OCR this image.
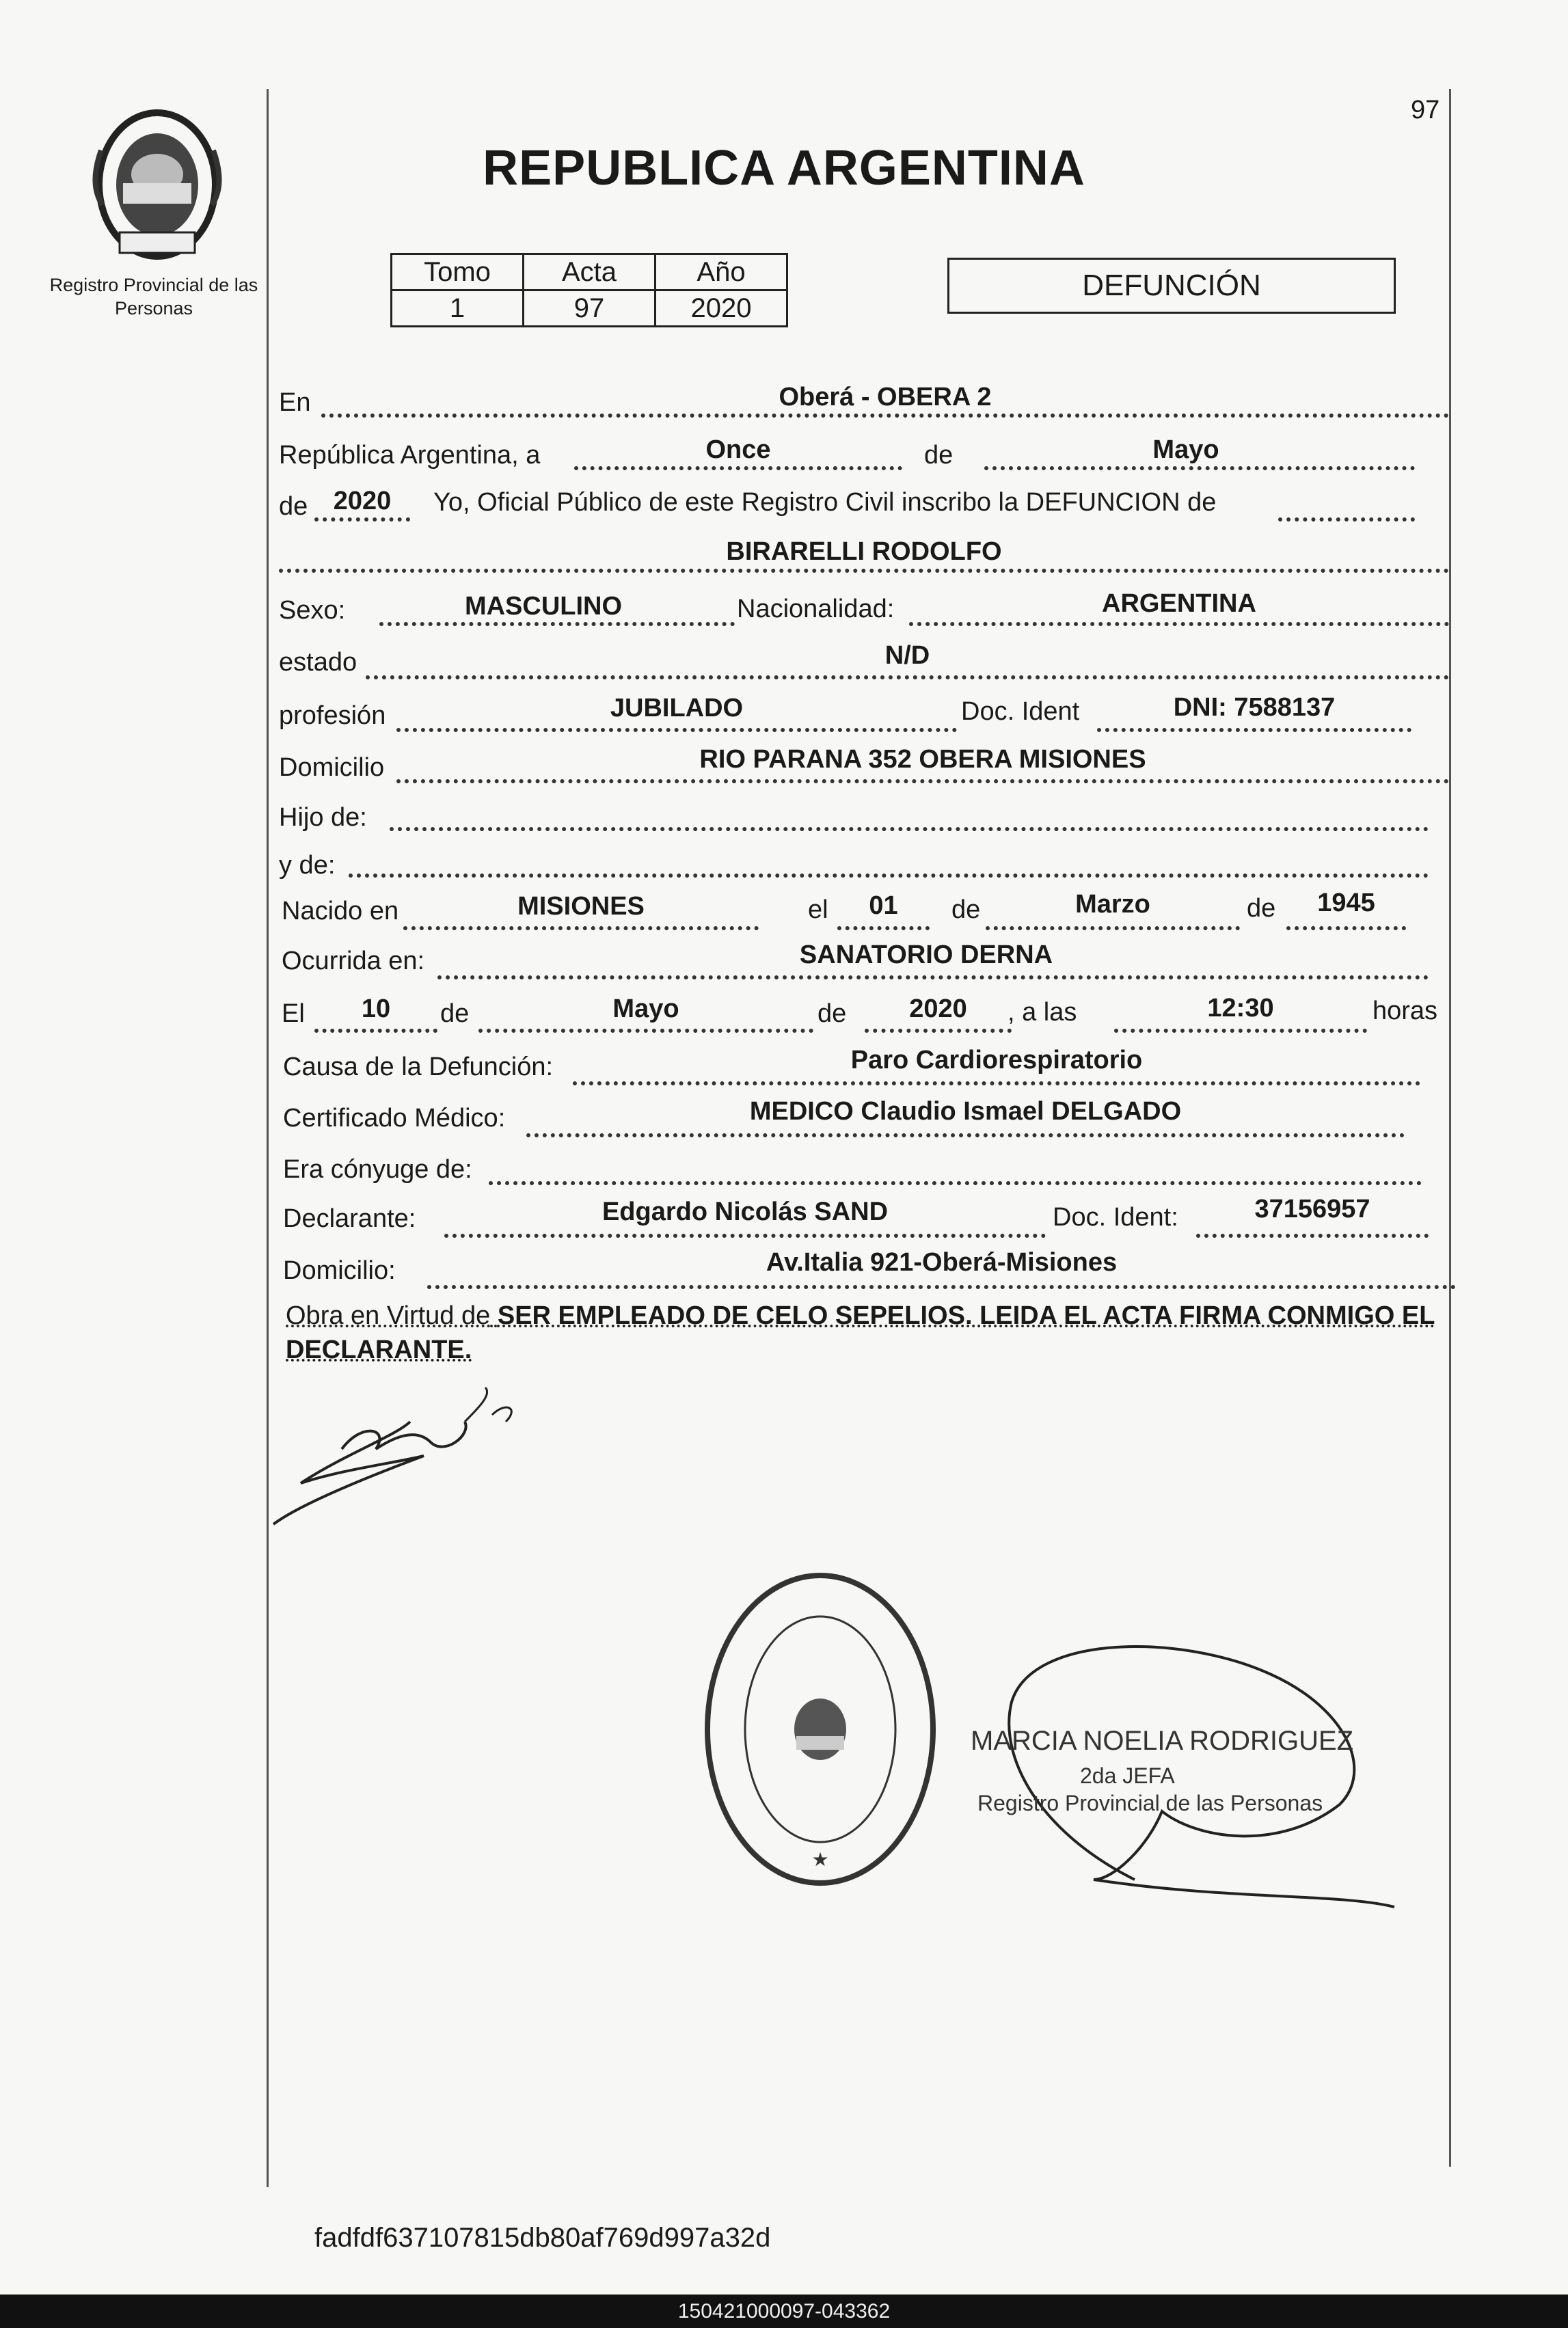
Registro Provincial de las Personas
97
REPUBLICA ARGENTINA
Tomo	Acta	Año
1	97	2020
DEFUNCIÓN
En	Oberá - OBERA 2
República Argentina, a	Once	de	Mayo
de 2020	Yo, Oficial Público de este Registro Civil inscribo la DEFUNCION de
BIRARELLI RODOLFO
Sexo:	MASCULINO	Nacionalidad:	ARGENTINA
estado	N/D
profesión	JUBILADO	Doc. Ident	DNI: 7588137
Domicilio	RIO PARANA 352 OBERA MISIONES
Hijo de:
y de:
Nacido en	MISIONES	el	01	de	Marzo	de	1945
Ocurrida en:	SANATORIO DERNA
El	10	de	Mayo	de	2020	, a las	12:30	horas
Causa de la Defunción:	Paro Cardiorespiratorio
Certificado Médico:	MEDICO Claudio Ismael DELGADO
Era cónyuge de:
Declarante:	Edgardo Nicolás SAND	Doc. Ident:	37156957
Domicilio:	Av.Italia 921-Oberá-Misiones
Obra en Virtud de SER EMPLEADO DE CELO SEPELIOS. LEIDA EL ACTA FIRMA CONMIGO EL DECLARANTE.
★
MARCIA NOELIA RODRIGUEZ
2da JEFA
Registro Provincial de las Personas
fadfdf637107815db80af769d997a32d
150421000097-043362
